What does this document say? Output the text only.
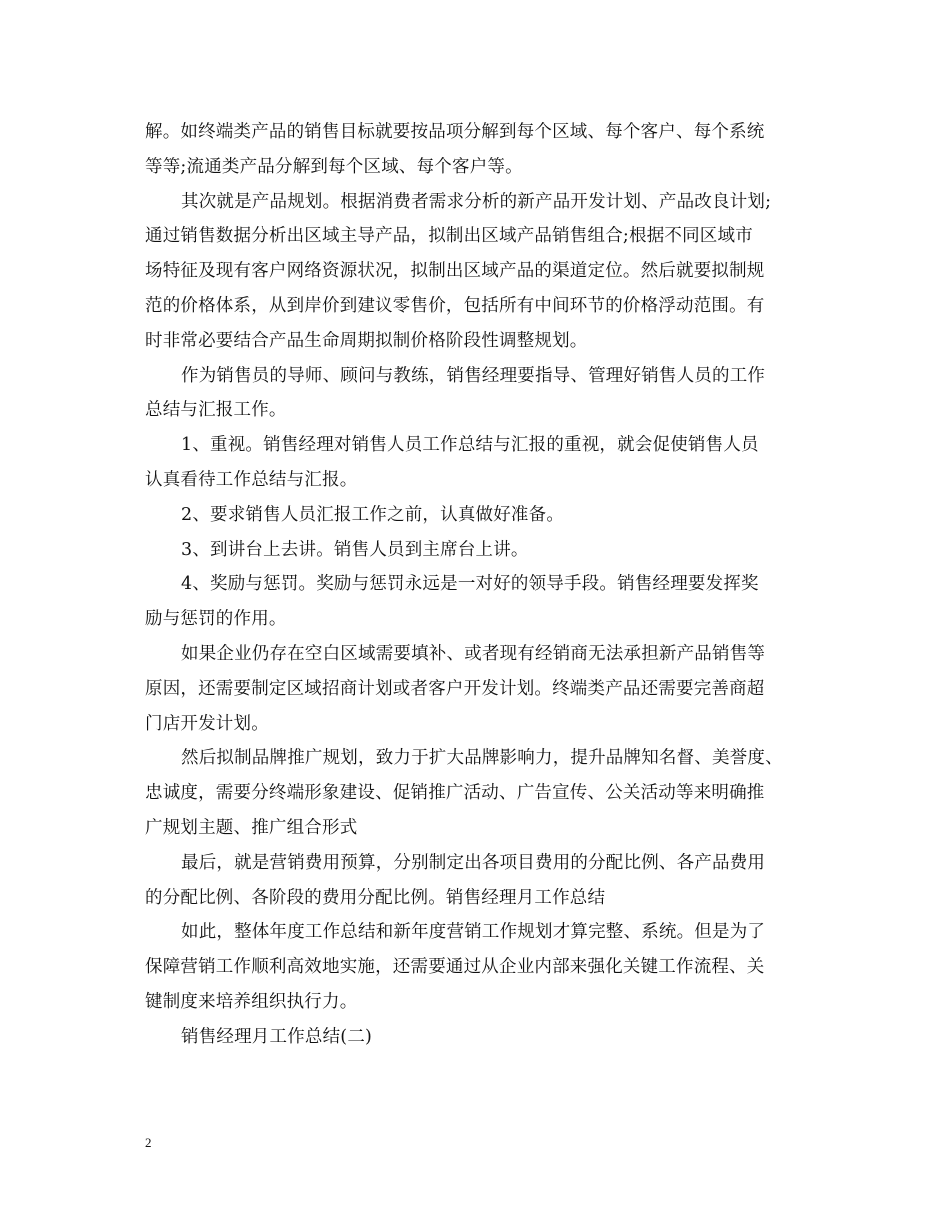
解。如终端类产品的销售目标就要按品项分解到每个区域、每个客户、每个系统
等等;流通类产品分解到每个区域、每个客户等。
其次就是产品规划。根据消费者需求分析的新产品开发计划、产品改良计划;
通过销售数据分析出区域主导产品，拟制出区域产品销售组合;根据不同区域市
场特征及现有客户网络资源状况，拟制出区域产品的渠道定位。然后就要拟制规
范的价格体系，从到岸价到建议零售价，包括所有中间环节的价格浮动范围。有
时非常必要结合产品生命周期拟制价格阶段性调整规划。
作为销售员的导师、顾问与教练，销售经理要指导、管理好销售人员的工作
总结与汇报工作。
1、重视。销售经理对销售人员工作总结与汇报的重视，就会促使销售人员
认真看待工作总结与汇报。
2、要求销售人员汇报工作之前，认真做好准备。
3、到讲台上去讲。销售人员到主席台上讲。
4、奖励与惩罚。奖励与惩罚永远是一对好的领导手段。销售经理要发挥奖
励与惩罚的作用。
如果企业仍存在空白区域需要填补、或者现有经销商无法承担新产品销售等
原因，还需要制定区域招商计划或者客户开发计划。终端类产品还需要完善商超
门店开发计划。
然后拟制品牌推广规划，致力于扩大品牌影响力，提升品牌知名督、美誉度、
忠诚度，需要分终端形象建设、促销推广活动、广告宣传、公关活动等来明确推
广规划主题、推广组合形式
最后，就是营销费用预算，分别制定出各项目费用的分配比例、各产品费用
的分配比例、各阶段的费用分配比例。销售经理月工作总结
如此，整体年度工作总结和新年度营销工作规划才算完整、系统。但是为了
保障营销工作顺利高效地实施，还需要通过从企业内部来强化关键工作流程、关
键制度来培养组织执行力。
销售经理月工作总结(二)
2
